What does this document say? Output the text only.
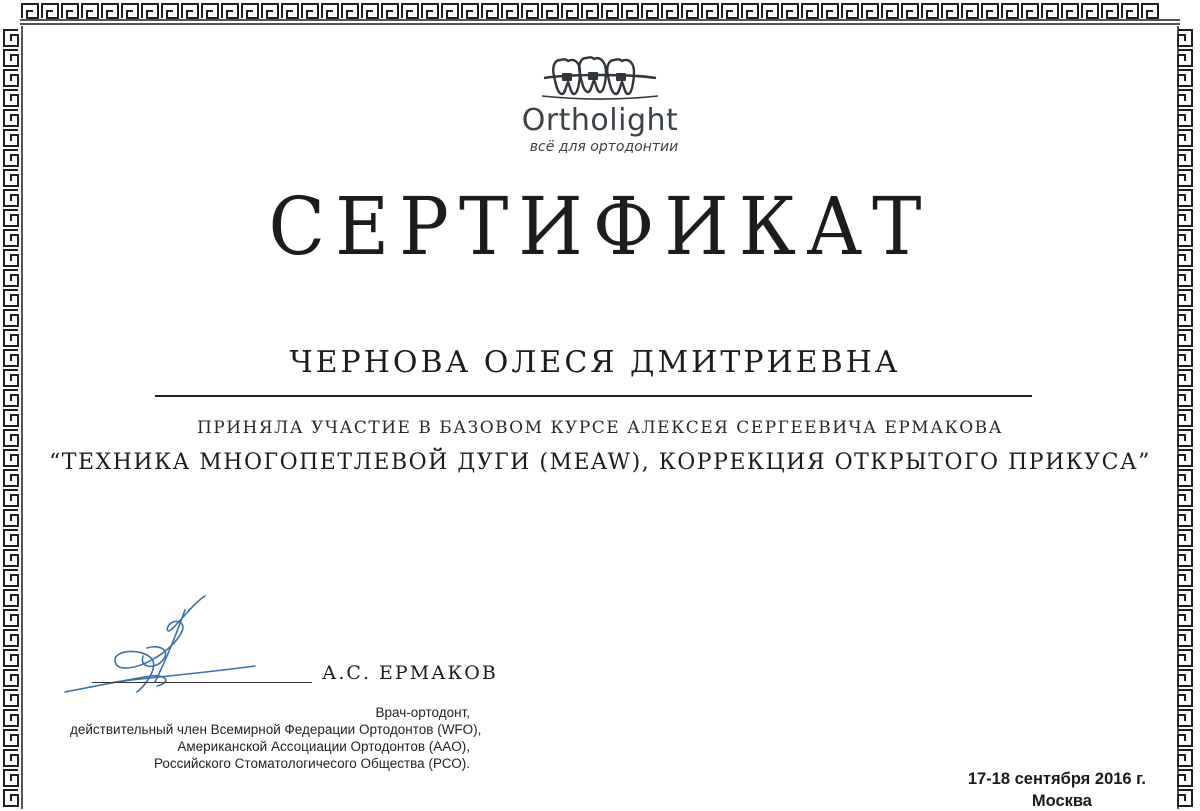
Ortholight
всё для ортодонтии
СЕРТИФИКАТ
ЧЕРНОВА ОЛЕСЯ ДМИТРИЕВНА
ПРИНЯЛА УЧАСТИЕ В БАЗОВОМ КУРСЕ АЛЕКСЕЯ СЕРГЕЕВИЧА ЕРМАКОВА
“ТЕХНИКА МНОГОПЕТЛЕВОЙ ДУГИ (MEAW), КОРРЕКЦИЯ ОТКРЫТОГО ПРИКУСА”
А.С. ЕРМАКОВ
Врач-ортодонт,
действительный член Всемирной Федерации Ортодонтов (WFO),
Американской Ассоциации Ортодонтов (AAO),
Российского Стоматологичесого Общества (РСО).
17-18 сентября 2016 г.
Москва
